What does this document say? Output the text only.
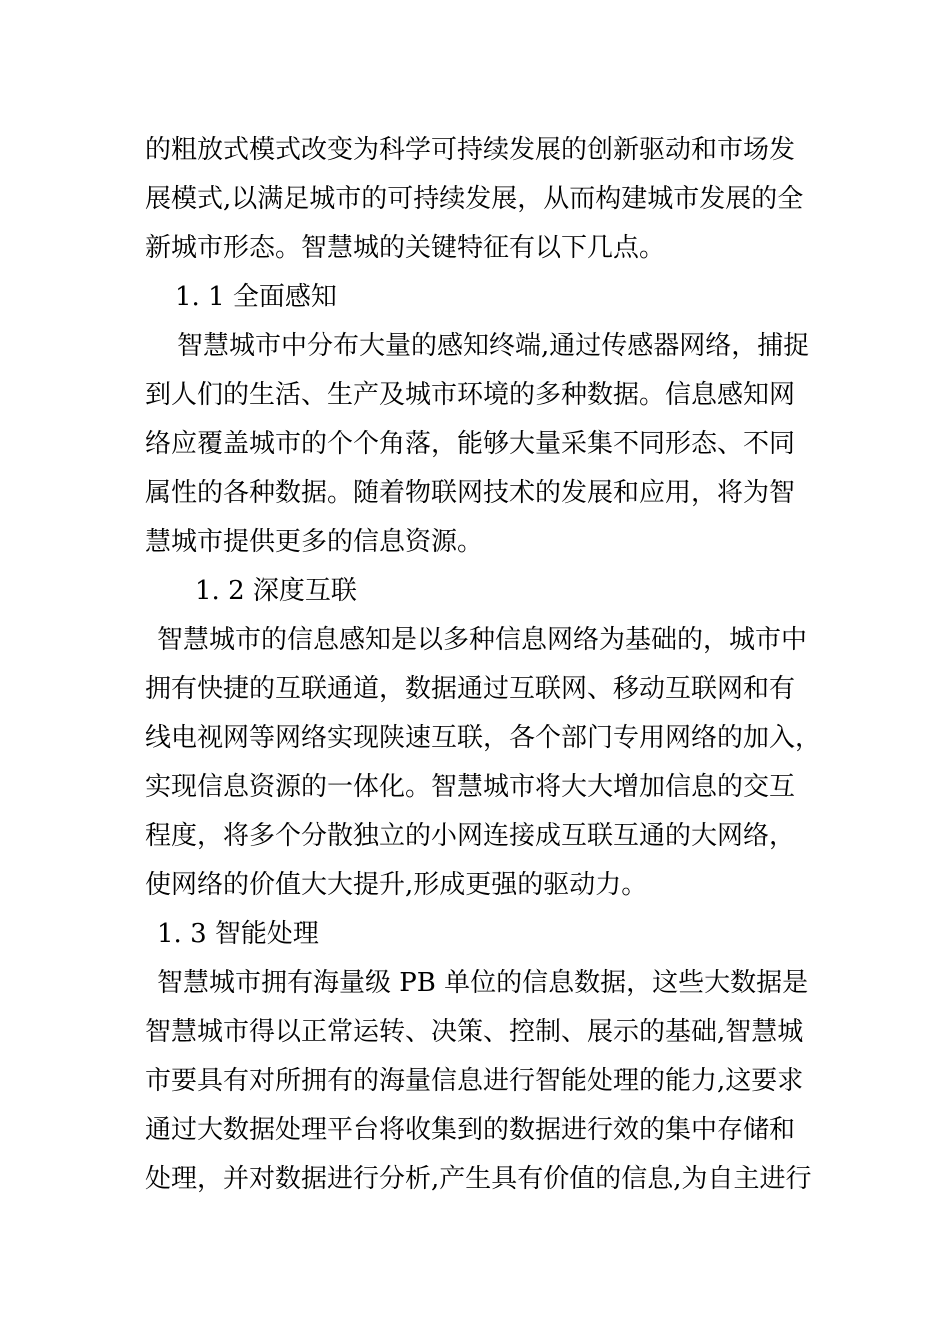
的粗放式模式改变为科学可持续发展的创新驱动和市场发
展模式,以满足城市的可持续发展，从而构建城市发展的全
新城市形态。智慧城的关键特征有以下几点。
1. 1 全面感知
智慧城市中分布大量的感知终端,通过传感器网络，捕捉
到人们的生活、生产及城市环境的多种数据。信息感知网
络应覆盖城市的个个角落，能够大量采集不同形态、不同
属性的各种数据。随着物联网技术的发展和应用，将为智
慧城市提供更多的信息资源。
1. 2 深度互联
智慧城市的信息感知是以多种信息网络为基础的，城市中
拥有快捷的互联通道，数据通过互联网、移动互联网和有
线电视网等网络实现陕速互联，各个部门专用网络的加入，
实现信息资源的一体化。智慧城市将大大增加信息的交互
程度，将多个分散独立的小网连接成互联互通的大网络，
使网络的价值大大提升,形成更强的驱动力。
1. 3 智能处理
智慧城市拥有海量级 PB 单位的信息数据，这些大数据是
智慧城市得以正常运转、决策、控制、展示的基础,智慧城
市要具有对所拥有的海量信息进行智能处理的能力,这要求
通过大数据处理平台将收集到的数据进行效的集中存储和
处理，并对数据进行分析,产生具有价值的信息,为自主进行
